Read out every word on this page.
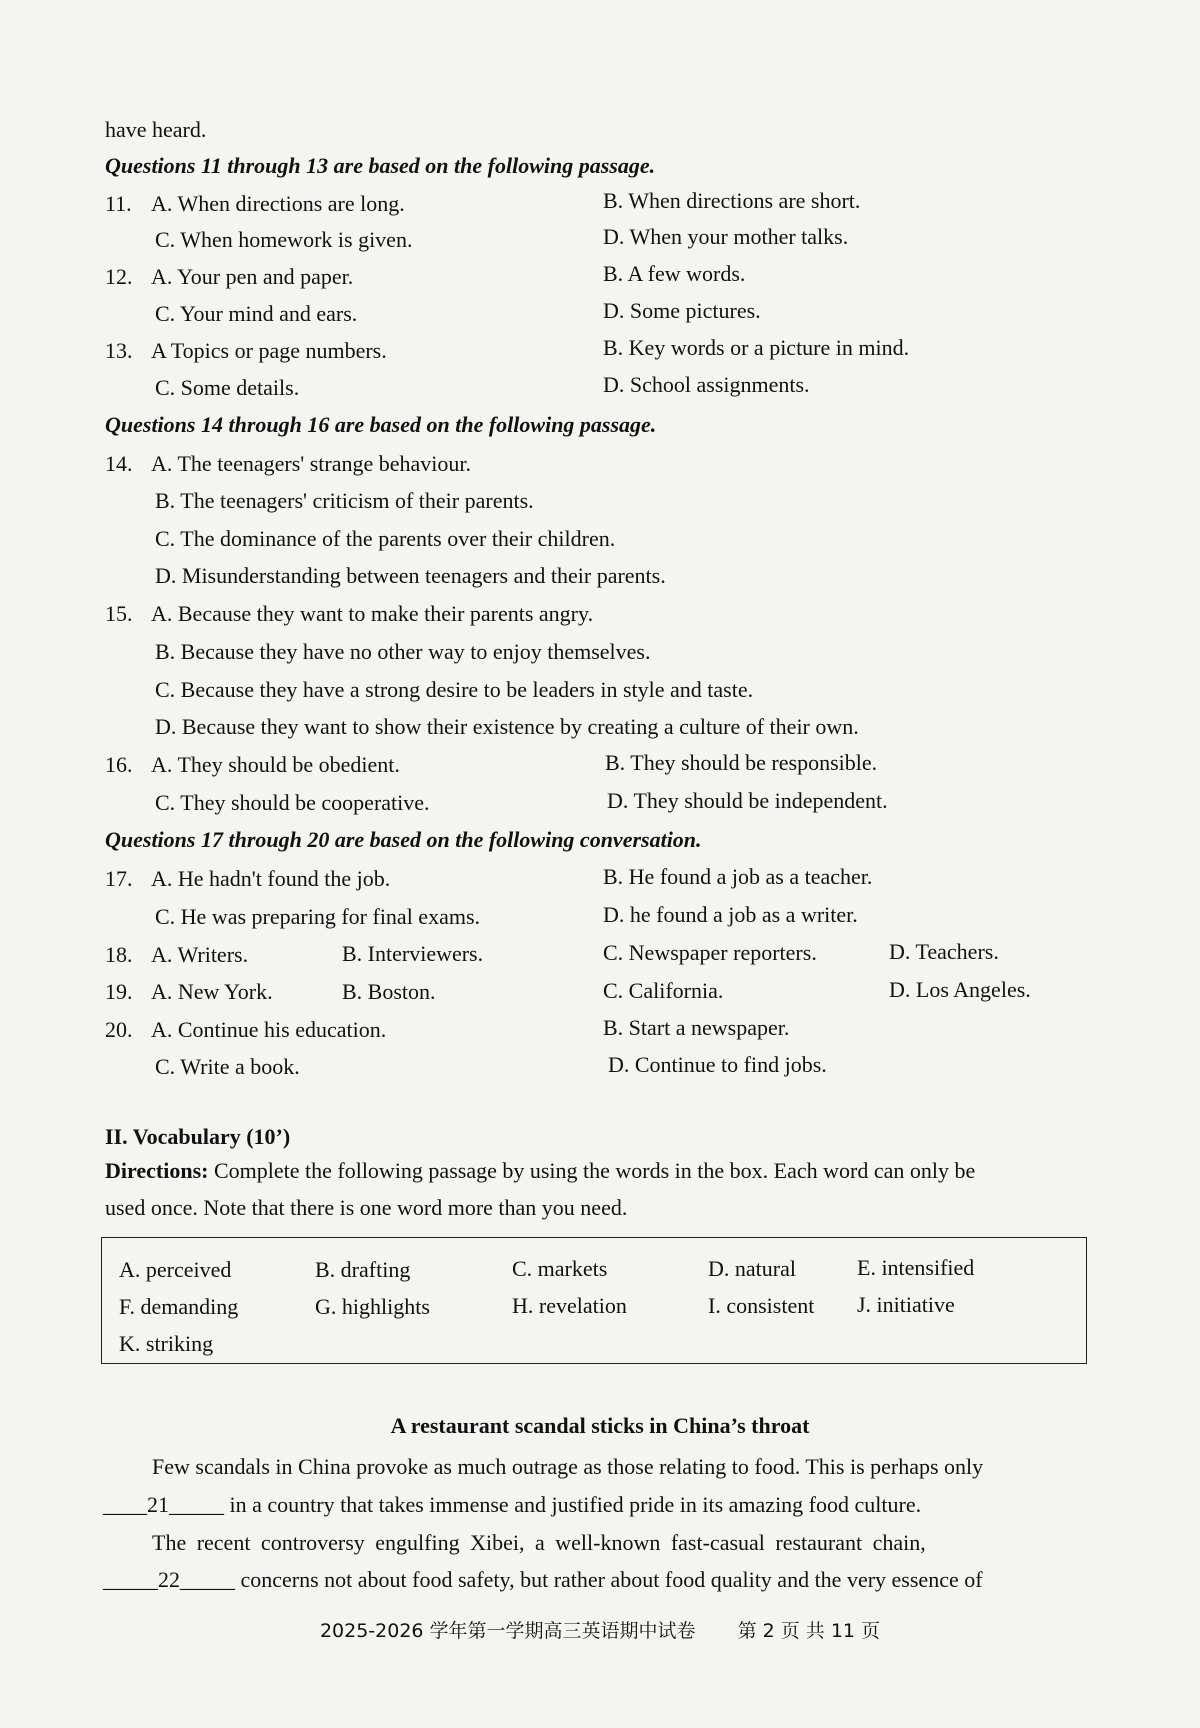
have heard.
Questions 11 through 13 are based on the following passage.
11. A. When directions are long.	B. When directions are short.
C. When homework is given.	D. When your mother talks.
12. A. Your pen and paper.	B. A few words.
C. Your mind and ears.	D. Some pictures.
13. A Topics or page numbers.	B. Key words or a picture in mind.
C. Some details.	D. School assignments.
Questions 14 through 16 are based on the following passage.
14. A. The teenagers' strange behaviour.
B. The teenagers' criticism of their parents.
C. The dominance of the parents over their children.
D. Misunderstanding between teenagers and their parents.
15. A. Because they want to make their parents angry.
B. Because they have no other way to enjoy themselves.
C. Because they have a strong desire to be leaders in style and taste.
D. Because they want to show their existence by creating a culture of their own.
16. A. They should be obedient.	B. They should be responsible.
C. They should be cooperative.	D. They should be independent.
Questions 17 through 20 are based on the following conversation.
17. A. He hadn't found the job.	B. He found a job as a teacher.
C. He was preparing for final exams.	D. he found a job as a writer.
18. A. Writers.	B. Interviewers.	C. Newspaper reporters.	D. Teachers.
19. A. New York.	B. Boston.	C. California.	D. Los Angeles.
20. A. Continue his education.	B. Start a newspaper.
C. Write a book.	D. Continue to find jobs.
II. Vocabulary (10’)
Directions: Complete the following passage by using the words in the box. Each word can only be
used once. Note that there is one word more than you need.
A. perceived	B. drafting	C. markets	D. natural	E. intensified
F. demanding	G. highlights	H. revelation	I. consistent J. initiative
K. striking
A restaurant scandal sticks in China’s throat
Few scandals in China provoke as much outrage as those relating to food. This is perhaps only
____21_____ in a country that takes immense and justified pride in its amazing food culture.
The recent controversy engulfing Xibei, a well-known fast-casual restaurant chain,
_____22_____ concerns not about food safety, but rather about food quality and the very essence of
2025-2026 学年第一学期高三英语期中试卷 第 2 页 共 11 页
